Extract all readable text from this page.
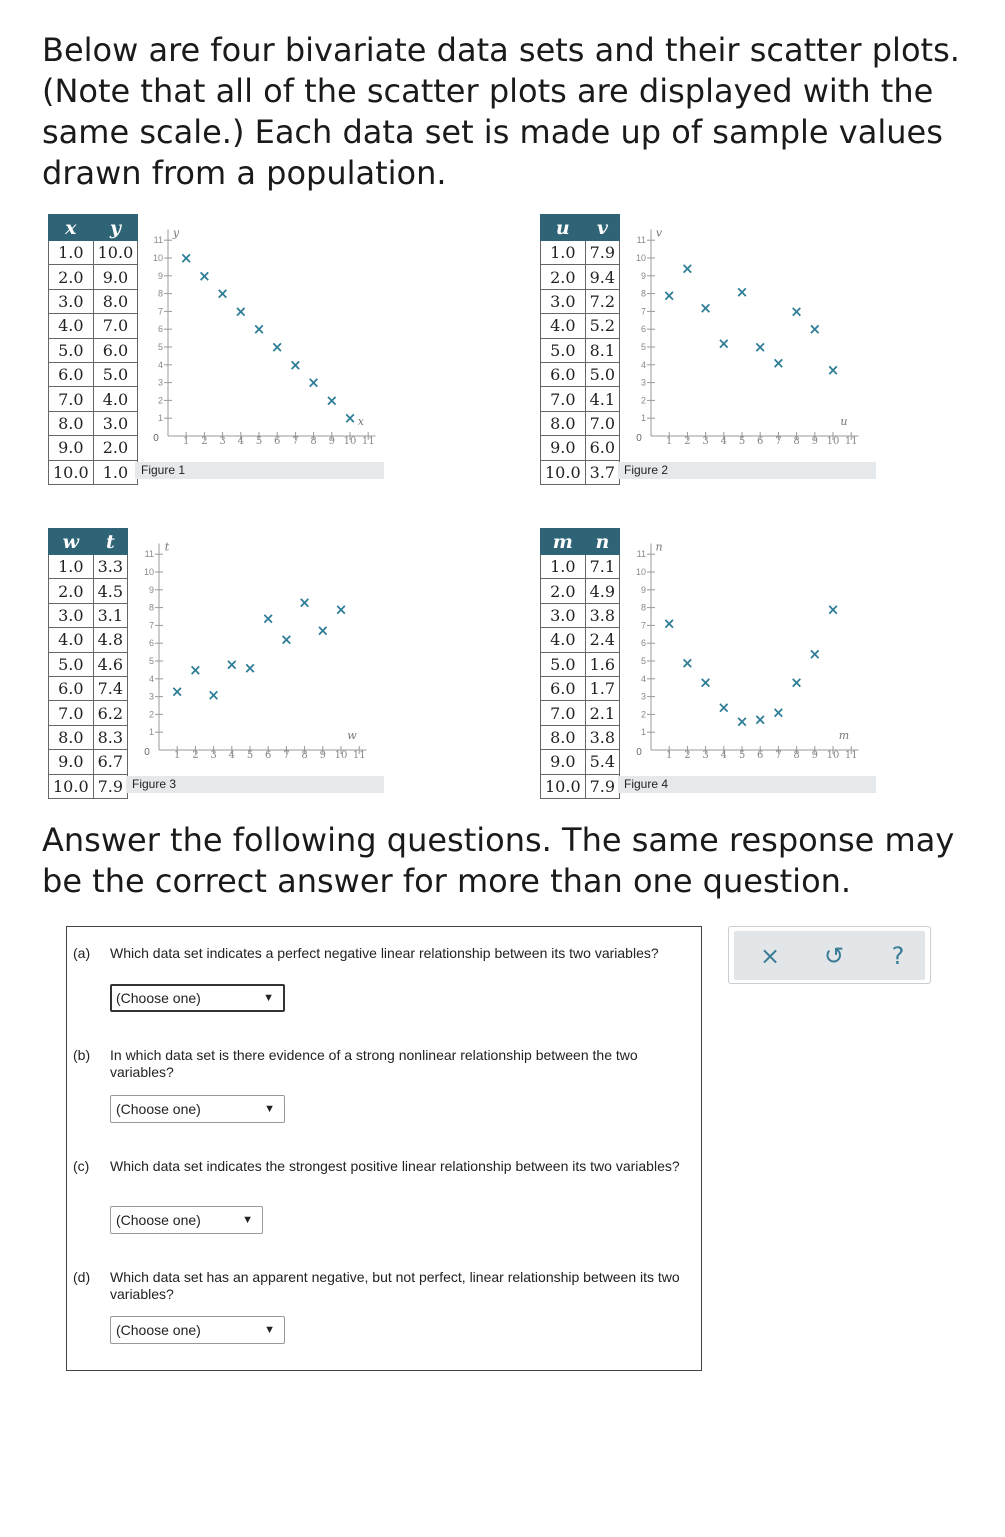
Below are four bivariate data sets and their scatter plots. (Note that all of the scatter plots are displayed with the same scale.) Each data set is made up of sample values drawn from a population.
x	y
1.0	10.0
2.0	9.0
3.0	8.0
4.0	7.0
5.0	6.0
6.0	5.0
7.0	4.0
8.0	3.0
9.0	2.0
10.0	1.0
1 2 3 4 5 6 7 8 9 10 11
1
2
3
4
5
6
7
8
9
10
11
0
x
y
×
×
×
×
×
×
×
×
×
×
Figure 1
u	v
1.0	7.9
2.0	9.4
3.0	7.2
4.0	5.2
5.0	8.1
6.0	5.0
7.0	4.1
8.0	7.0
9.0	6.0
10.0	3.7
1 2 3 4 5 6 7 8 9 10 11
1
2
3
4
5
6
7
8
9
10
11
0
u
v
×
×
×
×
×
×
×
×
×
×
Figure 2
w	t
1.0	3.3
2.0	4.5
3.0	3.1
4.0	4.8
5.0	4.6
6.0	7.4
7.0	6.2
8.0	8.3
9.0	6.7
10.0	7.9
1 2 3 4 5 6 7 8 9 10 11
1
2
3
4
5
6
7
8
9
10
11
0
w
t
×
×
×
× ×
×
×
×
×
×
Figure 3
m	n
1.0	7.1
2.0	4.9
3.0	3.8
4.0	2.4
5.0	1.6
6.0	1.7
7.0	2.1
8.0	3.8
9.0	5.4
10.0	7.9
1 2 3 4 5 6 7 8 9 10 11
1
2
3
4
5
6
7
8
9
10
11
0
m
n
×
×
×
×
× × ×
×
×
×
Figure 4
Answer the following questions. The same response may be the correct answer for more than one question.
(a) Which data set indicates a perfect negative linear relationship between its two variables?
(Choose one)	▼
(b) In which data set is there evidence of a strong nonlinear relationship between the two variables?
(Choose one)	▼
(c) Which data set indicates the strongest positive linear relationship between its two variables?
(Choose one)	▼
(d) Which data set has an apparent negative, but not perfect, linear relationship between its two variables?
(Choose one)	▼
× ↺	?
